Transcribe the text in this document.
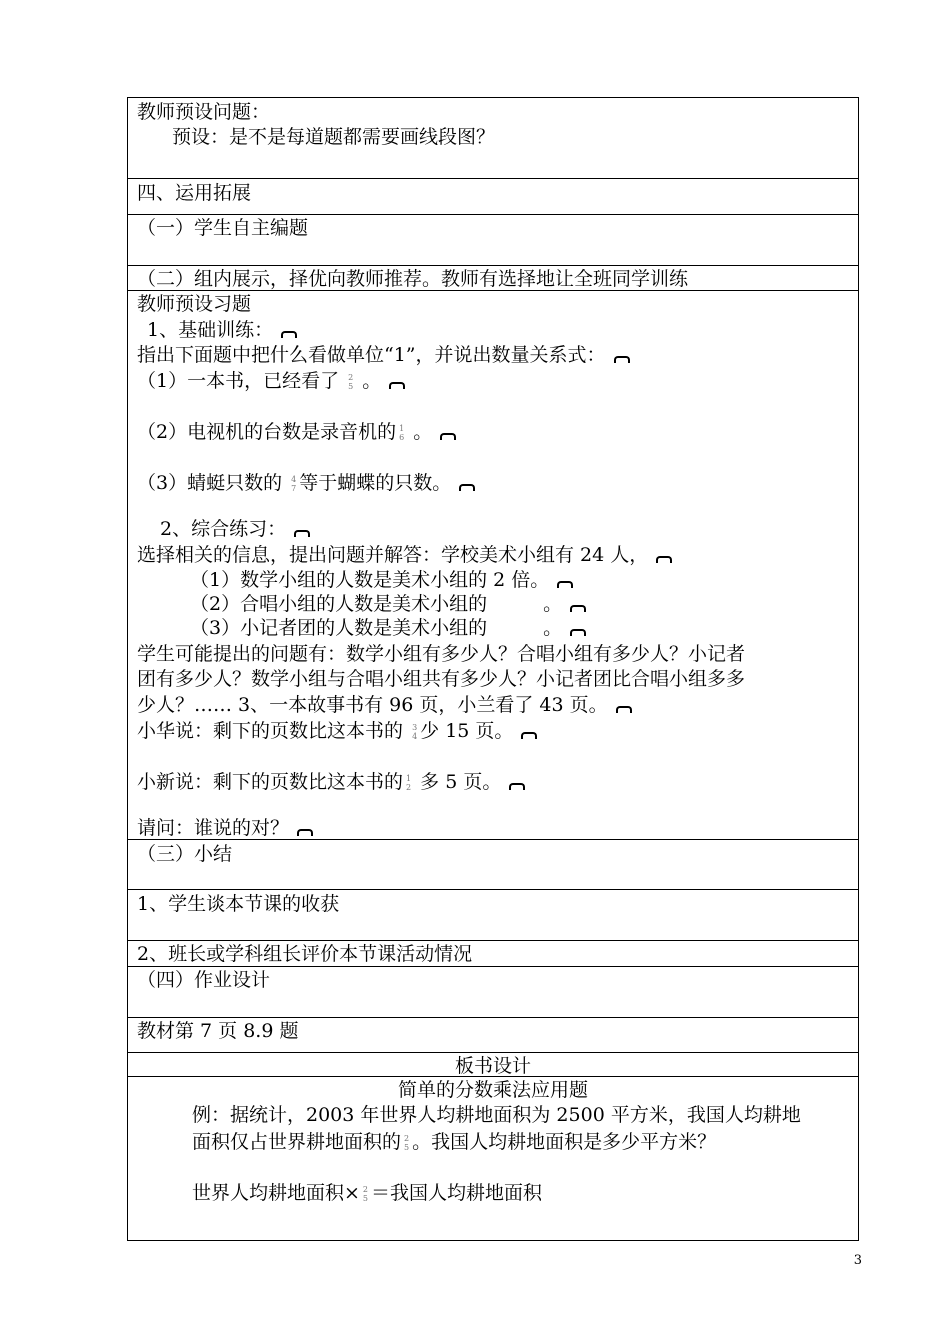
教师预设问题：
预设：是不是每道题都需要画线段图？
四、运用拓展
（一）学生自主编题
（二）组内展示，择优向教师推荐。教师有选择地让全班同学训练
教师预设习题
1、基础训练：
指出下面题中把什么看做单位“1”，并说出数量关系式：
（1）一本书，已经看了 2
5 。
（2）电视机的台数是录音机的 1
6 。
（3）蜻蜓只数的 4
7 等于蝴蝶的只数。
2、综合练习：
选择相关的信息，提出问题并解答：学校美术小组有 24 人，
（1）数学小组的人数是美术小组的 2 倍。
（2）合唱小组的人数是美术小组的	。
（3）小记者团的人数是美术小组的	。
学生可能提出的问题有：数学小组有多少人？合唱小组有多少人？小记者
团有多少人？数学小组与合唱小组共有多少人？小记者团比合唱小组多多
少人？…… 3、一本故事书有 96 页，小兰看了 43 页。
小华说：剩下的页数比这本书的 3
4 少 15 页。
小新说：剩下的页数比这本书的 1
2 多 5 页。
请问：谁说的对？
（三）小结
1、学生谈本节课的收获
2、班长或学科组长评价本节课活动情况
（四）作业设计
教材第 7 页 8.9 题
板书设计
简单的分数乘法应用题
例：据统计，2003 年世界人均耕地面积为 2500 平方米，我国人均耕地
面积仅占世界耕地面积的 2
5 。我国人均耕地面积是多少平方米？
世界人均耕地面积× 2
5 ＝我国人均耕地面积
3
